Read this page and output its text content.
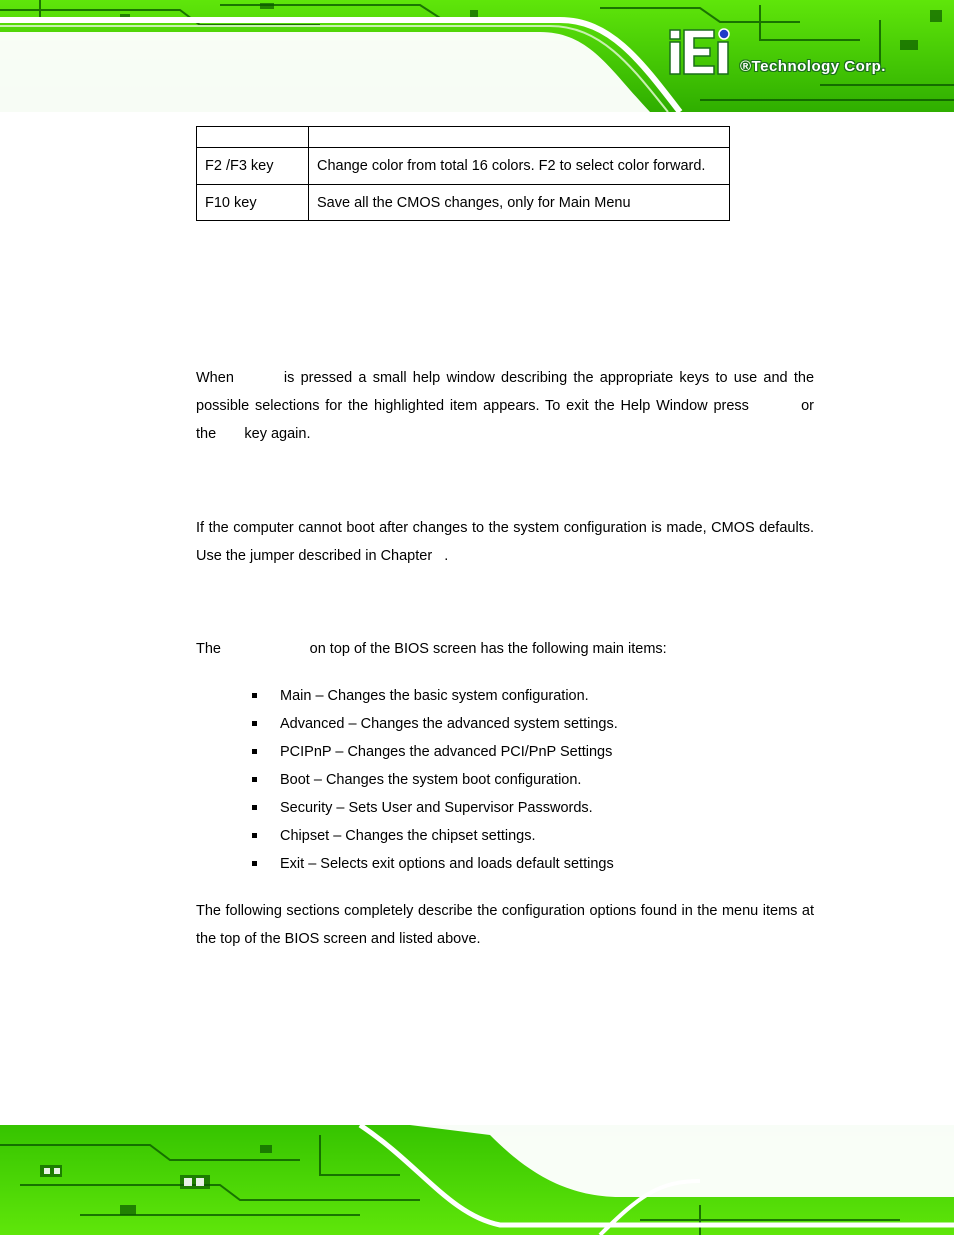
®Technology Corp.

F2 /F3 key	Change color from total 16 colors. F2 to select color forward.
F10 key	Save all the CMOS changes, only for Main Menu

When	is pressed a small help window describing the appropriate keys to use and the possible selections for the highlighted item appears. To exit the Help Window press	or the key again.

If the computer cannot boot after changes to the system configuration is made, CMOS defaults. Use the jumper described in Chapter .

The	on top of the BIOS screen has the following main items:

Main – Changes the basic system configuration.
Advanced – Changes the advanced system settings.
PCIPnP – Changes the advanced PCI/PnP Settings
Boot – Changes the system boot configuration.
Security – Sets User and Supervisor Passwords.
Chipset – Changes the chipset settings.
Exit – Selects exit options and loads default settings

The following sections completely describe the configuration options found in the menu items at the top of the BIOS screen and listed above.
